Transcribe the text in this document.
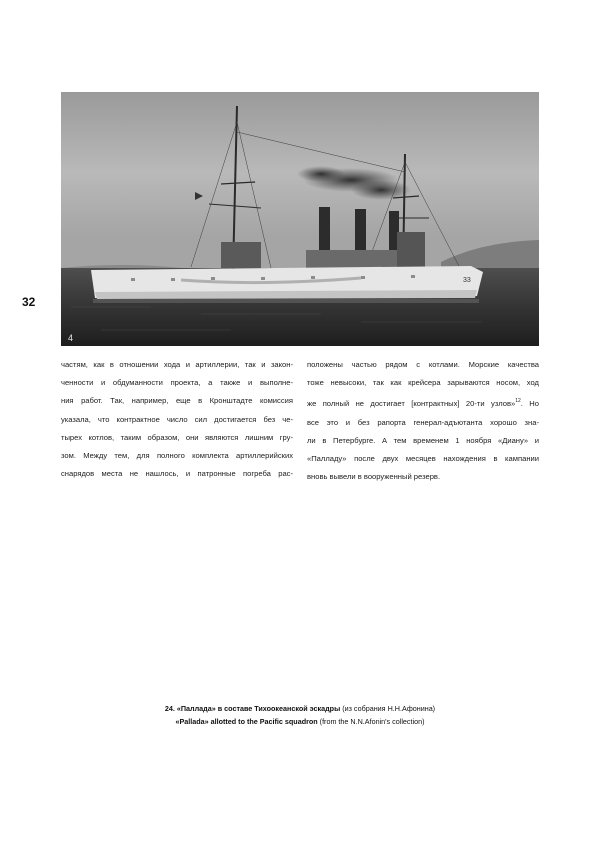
32
33
4
частям, как в отношении хода и артиллерии, так и закон-
ченности и обдуманности проекта, а также и выполне-
ния работ. Так, например, еще в Кронштадте комиссия
указала, что контрактное число сил достигается без че-
тырех котлов, таким образом, они являются лишним гру-
зом. Между тем, для полного комплекта артиллерийских
снарядов места не нашлось, и патронные погреба рас-
положены частью рядом с котлами. Морские качества
тоже невысоки, так как крейсера зарываются носом, ход
же полный не достигает [контрактных] 20-ти узлов»$^{12}$. Но
все это и без рапорта генерал-адъютанта хорошо зна-
ли в Петербурге. А тем временем 1 ноября «Диану» и
«Палладу» после двух месяцев нахождения в кампании
вновь вывели в вооруженный резерв.
24. «Паллада» в составе Тихоокеанской эскадры (из собрания Н.Н.Афонина)
«Pallada» allotted to the Pacific squadron (from the N.N.Afonin's collection)
